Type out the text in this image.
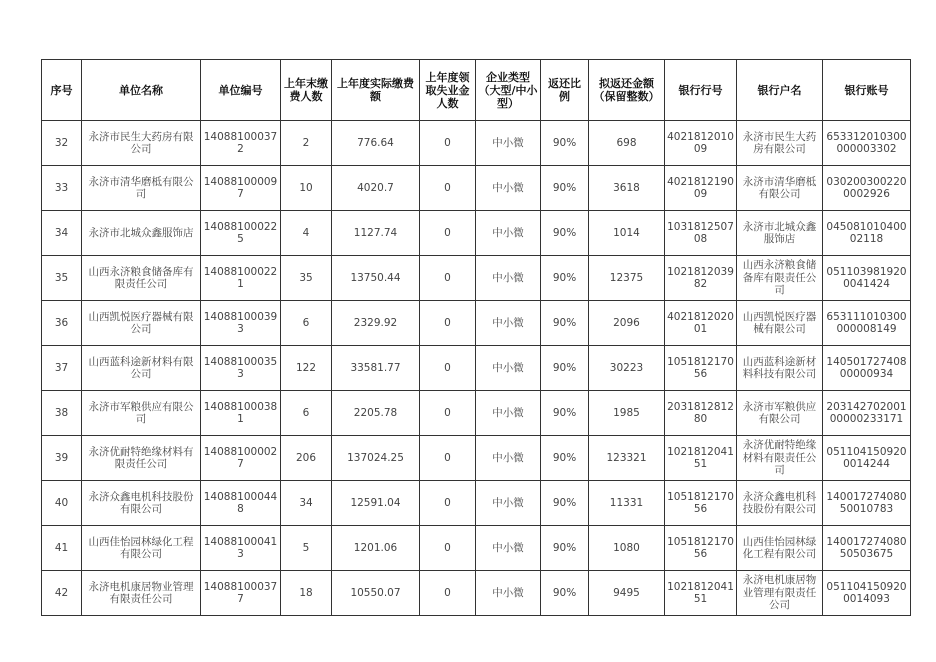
序号	单位名称	单位编号	上年末缴费人数	上年度实际缴费额	上年度领取失业金人数	企业类型（大型/中小型）	返还比例	拟返还金额（保留整数）	银行行号	银行户名	银行账号
32	永济市民生大药房有限公司	140881000372	2	776.64	0	中小微	90%	698	402181201009	永济市民生大药房有限公司	653312010300000003302
33	永济市清华磨柢有限公司	140881000097	10	4020.7	0	中小微	90%	3618	402181219009	永济市清华磨柢有限公司	0302003002200002926
34	永济市北城众鑫服饰店	140881000225	4	1127.74	0	中小微	90%	1014	103181250708	永济市北城众鑫服饰店	04508101040002118
35	山西永济粮食储备库有限责任公司	140881000221	35	13750.44	0	中小微	90%	12375	102181203982	山西永济粮食储备库有限责任公司	0511039819200041424
36	山西凯悦医疗器械有限公司	140881000393	6	2329.92	0	中小微	90%	2096	402181202001	山西凯悦医疗器械有限公司	653111010300000008149
37	山西蓝科途新材料有限公司	140881000353	122	33581.77	0	中小微	90%	30223	105181217056	山西蓝科途新材料科技有限公司	14050172740800000934
38	永济市军粮供应有限公司	140881000381	6	2205.78	0	中小微	90%	1985	203181281280	永济市军粮供应有限公司	20314270200100000233171
39	永济优耐特绝缘材料有限责任公司	140881000027	206	137024.25	0	中小微	90%	123321	102181204151	永济优耐特绝缘材料有限责任公司	0511041509200014244
40	永济众鑫电机科技股份有限公司	140881000448	34	12591.04	0	中小微	90%	11331	105181217056	永济众鑫电机科技股份有限公司	14001727408050010783
41	山西佳怡园林绿化工程有限公司	140881000413	5	1201.06	0	中小微	90%	1080	105181217056	山西佳怡园林绿化工程有限公司	14001727408050503675
42	永济电机康居物业管理有限责任公司	140881000377	18	10550.07	0	中小微	90%	9495	102181204151	永济电机康居物业管理有限责任公司	0511041509200014093
